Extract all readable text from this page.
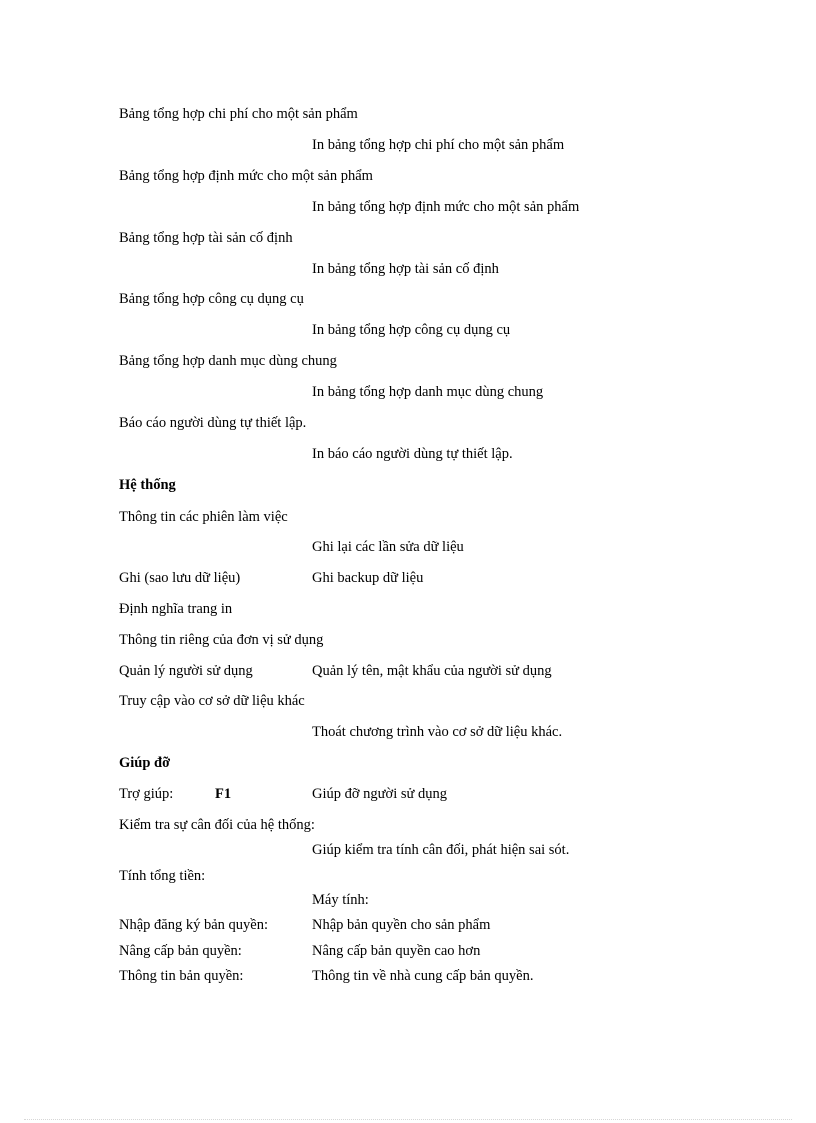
Bảng tổng hợp chi phí cho một sản phẩm
In bảng tổng hợp chi phí cho một sản phẩm
Bảng tổng hợp định mức cho một sản phẩm
In bảng tổng hợp định mức cho một sản phẩm
Bảng tổng hợp tài sản cố định
In bảng tổng hợp tài sản cố định
Bảng tổng hợp công cụ dụng cụ
In bảng tổng hợp công cụ dụng cụ
Bảng tổng hợp danh mục dùng chung
In bảng tổng hợp danh mục dùng chung
Báo cáo người dùng tự thiết lập.
In báo cáo người dùng tự thiết lập.
Hệ thống
Thông tin các phiên làm việc
Ghi lại các lần sửa dữ liệu
Ghi (sao lưu dữ liệu)	Ghi backup dữ liệu
Định nghĩa trang in
Thông tin riêng của đơn vị sử dụng
Quản lý người sử dụng	Quản lý tên, mật khẩu của người sử dụng
Truy cập vào cơ sở dữ liệu khác
Thoát chương trình vào cơ sở dữ liệu khác.
Giúp đỡ
Trợ giúp:	F1	Giúp đỡ người sử dụng
Kiểm tra sự cân đối của hệ thống:
Giúp kiểm tra tính cân đối, phát hiện sai sót.
Tính tổng tiền:
Máy tính:
Nhập đăng ký bản quyền:	Nhập bản quyền cho sản phẩm
Nâng cấp bản quyền:	Nâng cấp bản quyền cao hơn
Thông tin bản quyền:	Thông tin về nhà cung cấp bản quyền.
